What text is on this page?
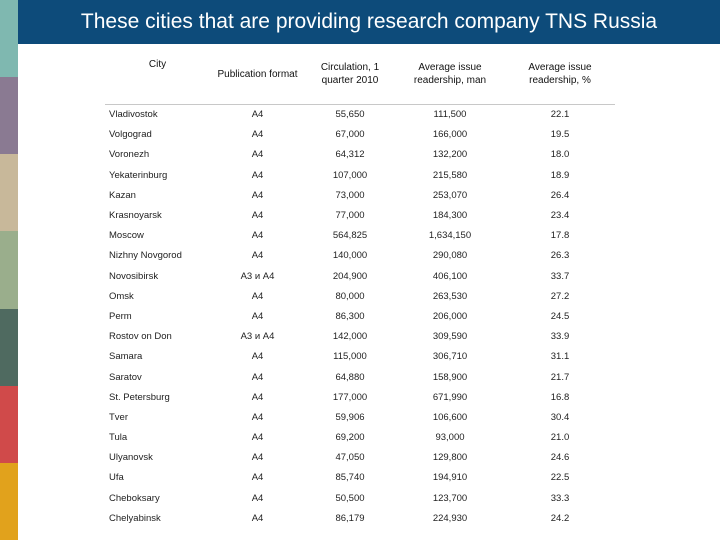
These cities that are providing research company TNS Russia
City	Publication format	Circulation, 1 quarter 2010	Average issue readership, man	Average issue readership, %
Vladivostok	A4	55,650	111,500	22.1
Volgograd	A4	67,000	166,000	19.5
Voronezh	A4	64,312	132,200	18.0
Yekaterinburg	A4	107,000	215,580	18.9
Kazan	A4	73,000	253,070	26.4
Krasnoyarsk	A4	77,000	184,300	23.4
Moscow	A4	564,825	1,634,150	17.8
Nizhny Novgorod	A4	140,000	290,080	26.3
Novosibirsk	A3 и A4	204,900	406,100	33.7
Omsk	A4	80,000	263,530	27.2
Perm	A4	86,300	206,000	24.5
Rostov on Don	A3 и A4	142,000	309,590	33.9
Samara	A4	115,000	306,710	31.1
Saratov	A4	64,880	158,900	21.7
St. Petersburg	A4	177,000	671,990	16.8
Tver	A4	59,906	106,600	30.4
Tula	A4	69,200	93,000	21.0
Ulyanovsk	A4	47,050	129,800	24.6
Ufa	A4	85,740	194,910	22.5
Cheboksary	A4	50,500	123,700	33.3
Chelyabinsk	A4	86,179	224,930	24.2
